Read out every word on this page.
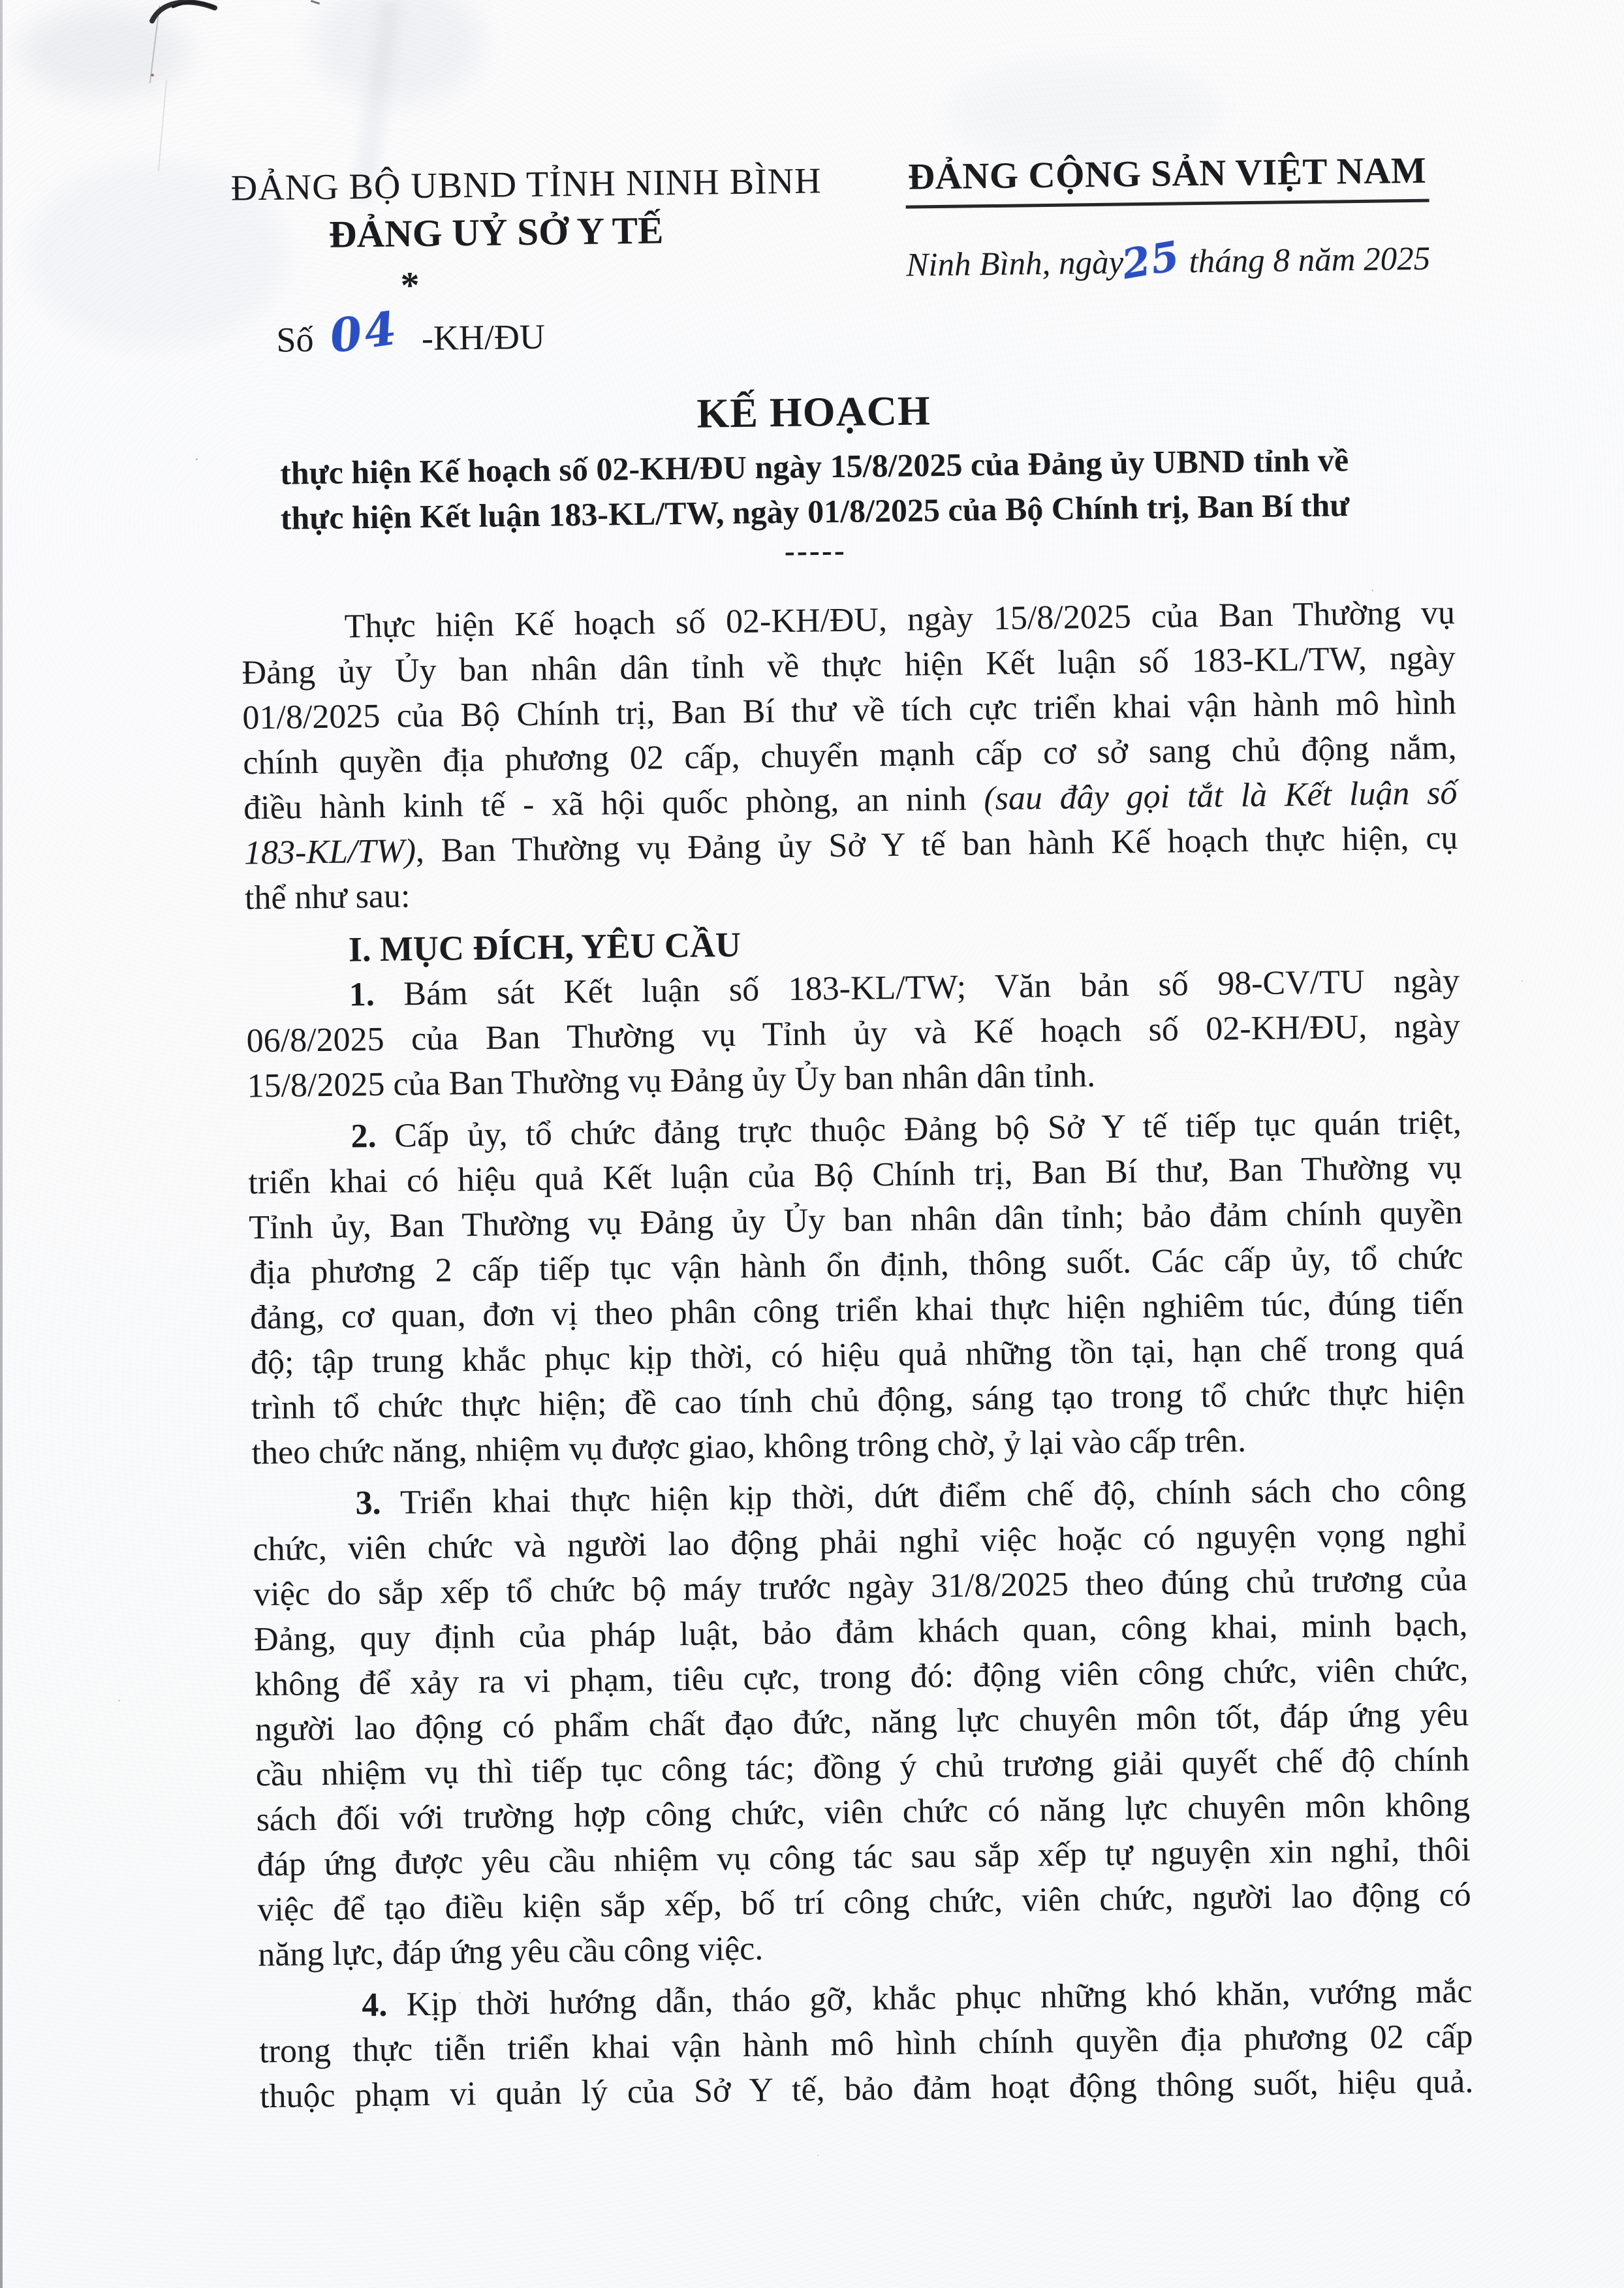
ĐẢNG BỘ UBND TỈNH NINH BÌNH
ĐẢNG UỶ SỞ Y TẾ
*
Số 04 -KH/ĐU
ĐẢNG CỘNG SẢN VIỆT NAM
Ninh Bình, ngày25 tháng 8 năm 2025
KẾ HOẠCH
thực hiện Kế hoạch số 02-KH/ĐU ngày 15/8/2025 của Đảng ủy UBND tỉnh về
thực hiện Kết luận 183-KL/TW, ngày 01/8/2025 của Bộ Chính trị, Ban Bí thư
-----
Thực hiện Kế hoạch số 02-KH/ĐU, ngày 15/8/2025 của Ban Thường vụ
Đảng ủy Ủy ban nhân dân tỉnh về thực hiện Kết luận số 183-KL/TW, ngày
01/8/2025 của Bộ Chính trị, Ban Bí thư về tích cực triển khai vận hành mô hình
chính quyền địa phương 02 cấp, chuyển mạnh cấp cơ sở sang chủ động nắm,
điều hành kinh tế - xã hội quốc phòng, an ninh (sau đây gọi tắt là Kết luận số
183-KL/TW), Ban Thường vụ Đảng ủy Sở Y tế ban hành Kế hoạch thực hiện, cụ
thể như sau:
I. MỤC ĐÍCH, YÊU CẦU
1. Bám sát Kết luận số 183-KL/TW; Văn bản số 98-CV/TU ngày
06/8/2025 của Ban Thường vụ Tỉnh ủy và Kế hoạch số 02-KH/ĐU, ngày
15/8/2025 của Ban Thường vụ Đảng ủy Ủy ban nhân dân tỉnh.
2. Cấp ủy, tổ chức đảng trực thuộc Đảng bộ Sở Y tế tiếp tục quán triệt,
triển khai có hiệu quả Kết luận của Bộ Chính trị, Ban Bí thư, Ban Thường vụ
Tỉnh ủy, Ban Thường vụ Đảng ủy Ủy ban nhân dân tỉnh; bảo đảm chính quyền
địa phương 2 cấp tiếp tục vận hành ổn định, thông suốt. Các cấp ủy, tổ chức
đảng, cơ quan, đơn vị theo phân công triển khai thực hiện nghiêm túc, đúng tiến
độ; tập trung khắc phục kịp thời, có hiệu quả những tồn tại, hạn chế trong quá
trình tổ chức thực hiện; đề cao tính chủ động, sáng tạo trong tổ chức thực hiện
theo chức năng, nhiệm vụ được giao, không trông chờ, ỷ lại vào cấp trên.
3. Triển khai thực hiện kịp thời, dứt điểm chế độ, chính sách cho công
chức, viên chức và người lao động phải nghỉ việc hoặc có nguyện vọng nghỉ
việc do sắp xếp tổ chức bộ máy trước ngày 31/8/2025 theo đúng chủ trương của
Đảng, quy định của pháp luật, bảo đảm khách quan, công khai, minh bạch,
không để xảy ra vi phạm, tiêu cực, trong đó: động viên công chức, viên chức,
người lao động có phẩm chất đạo đức, năng lực chuyên môn tốt, đáp ứng yêu
cầu nhiệm vụ thì tiếp tục công tác; đồng ý chủ trương giải quyết chế độ chính
sách đối với trường hợp công chức, viên chức có năng lực chuyên môn không
đáp ứng được yêu cầu nhiệm vụ công tác sau sắp xếp tự nguyện xin nghỉ, thôi
việc để tạo điều kiện sắp xếp, bố trí công chức, viên chức, người lao động có
năng lực, đáp ứng yêu cầu công việc.
4. Kịp thời hướng dẫn, tháo gỡ, khắc phục những khó khăn, vướng mắc
trong thực tiễn triển khai vận hành mô hình chính quyền địa phương 02 cấp
thuộc phạm vi quản lý của Sở Y tế, bảo đảm hoạt động thông suốt, hiệu quả.
